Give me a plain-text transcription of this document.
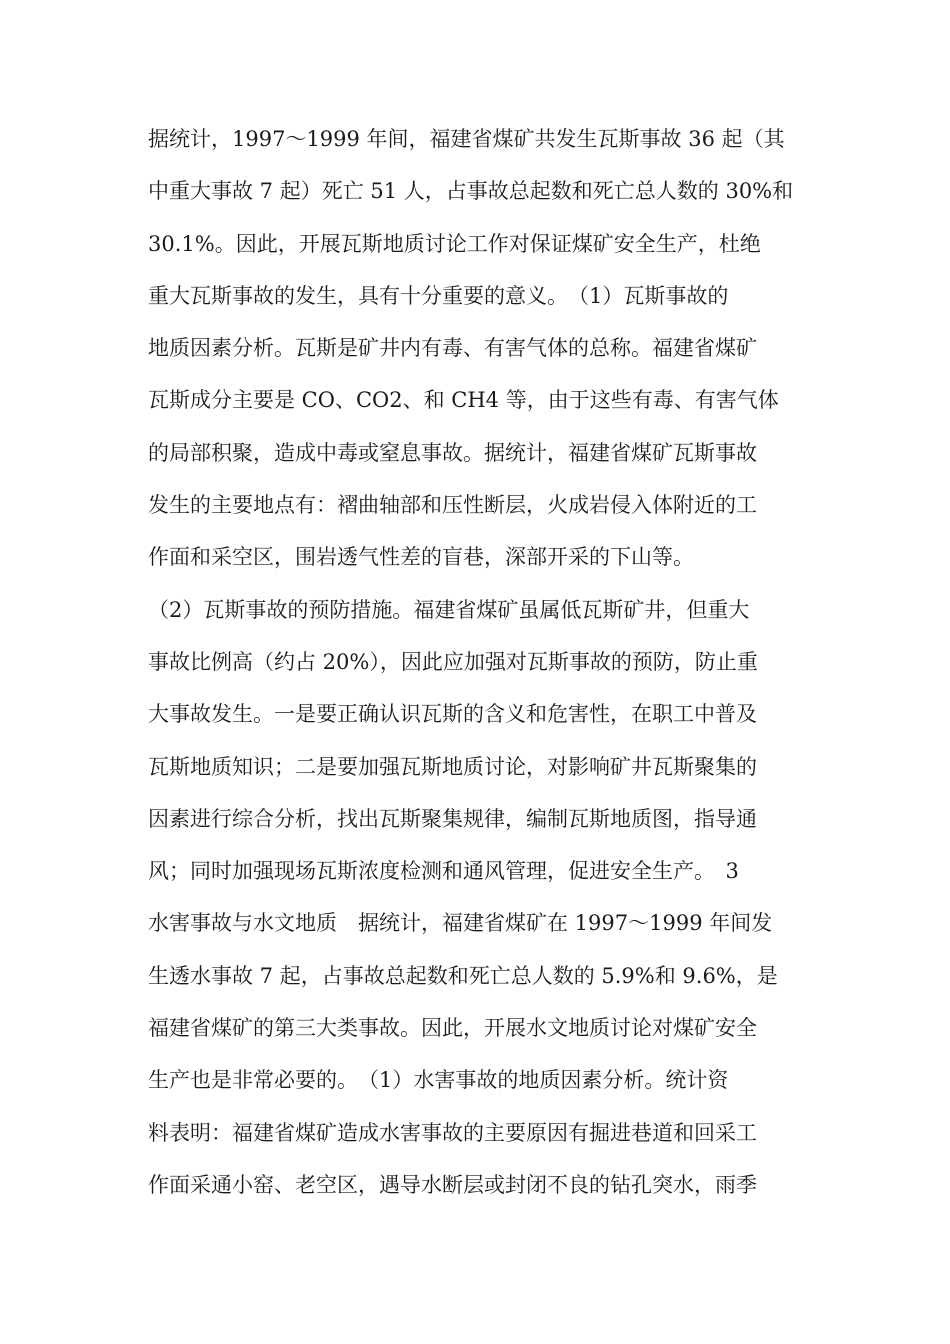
据统计，1997～1999 年间，福建省煤矿共发生瓦斯事故 36 起（其
中重大事故 7 起）死亡 51 人，占事故总起数和死亡总人数的 30%和
30.1%。因此，开展瓦斯地质讨论工作对保证煤矿安全生产，杜绝
重大瓦斯事故的发生，具有十分重要的意义。　（1）瓦斯事故的
地质因素分析。瓦斯是矿井内有毒、有害气体的总称。福建省煤矿
瓦斯成分主要是 CO、CO2、和 CH4 等，由于这些有毒、有害气体
的局部积聚，造成中毒或窒息事故。据统计，福建省煤矿瓦斯事故
发生的主要地点有：褶曲轴部和压性断层，火成岩侵入体附近的工
作面和采空区，围岩透气性差的盲巷，深部开采的下山等。
（2）瓦斯事故的预防措施。福建省煤矿虽属低瓦斯矿井，但重大
事故比例高（约占 20%），因此应加强对瓦斯事故的预防，防止重
大事故发生。一是要正确认识瓦斯的含义和危害性，在职工中普及
瓦斯地质知识；二是要加强瓦斯地质讨论，对影响矿井瓦斯聚集的
因素进行综合分析，找出瓦斯聚集规律，编制瓦斯地质图，指导通
风；同时加强现场瓦斯浓度检测和通风管理，促进安全生产。　3
水害事故与水文地质　据统计，福建省煤矿在 1997～1999 年间发
生透水事故 7 起，占事故总起数和死亡总人数的 5.9%和 9.6%，是
福建省煤矿的第三大类事故。因此，开展水文地质讨论对煤矿安全
生产也是非常必要的。　（1）水害事故的地质因素分析。统计资
料表明：福建省煤矿造成水害事故的主要原因有掘进巷道和回采工
作面采通小窑、老空区，遇导水断层或封闭不良的钻孔突水，雨季
